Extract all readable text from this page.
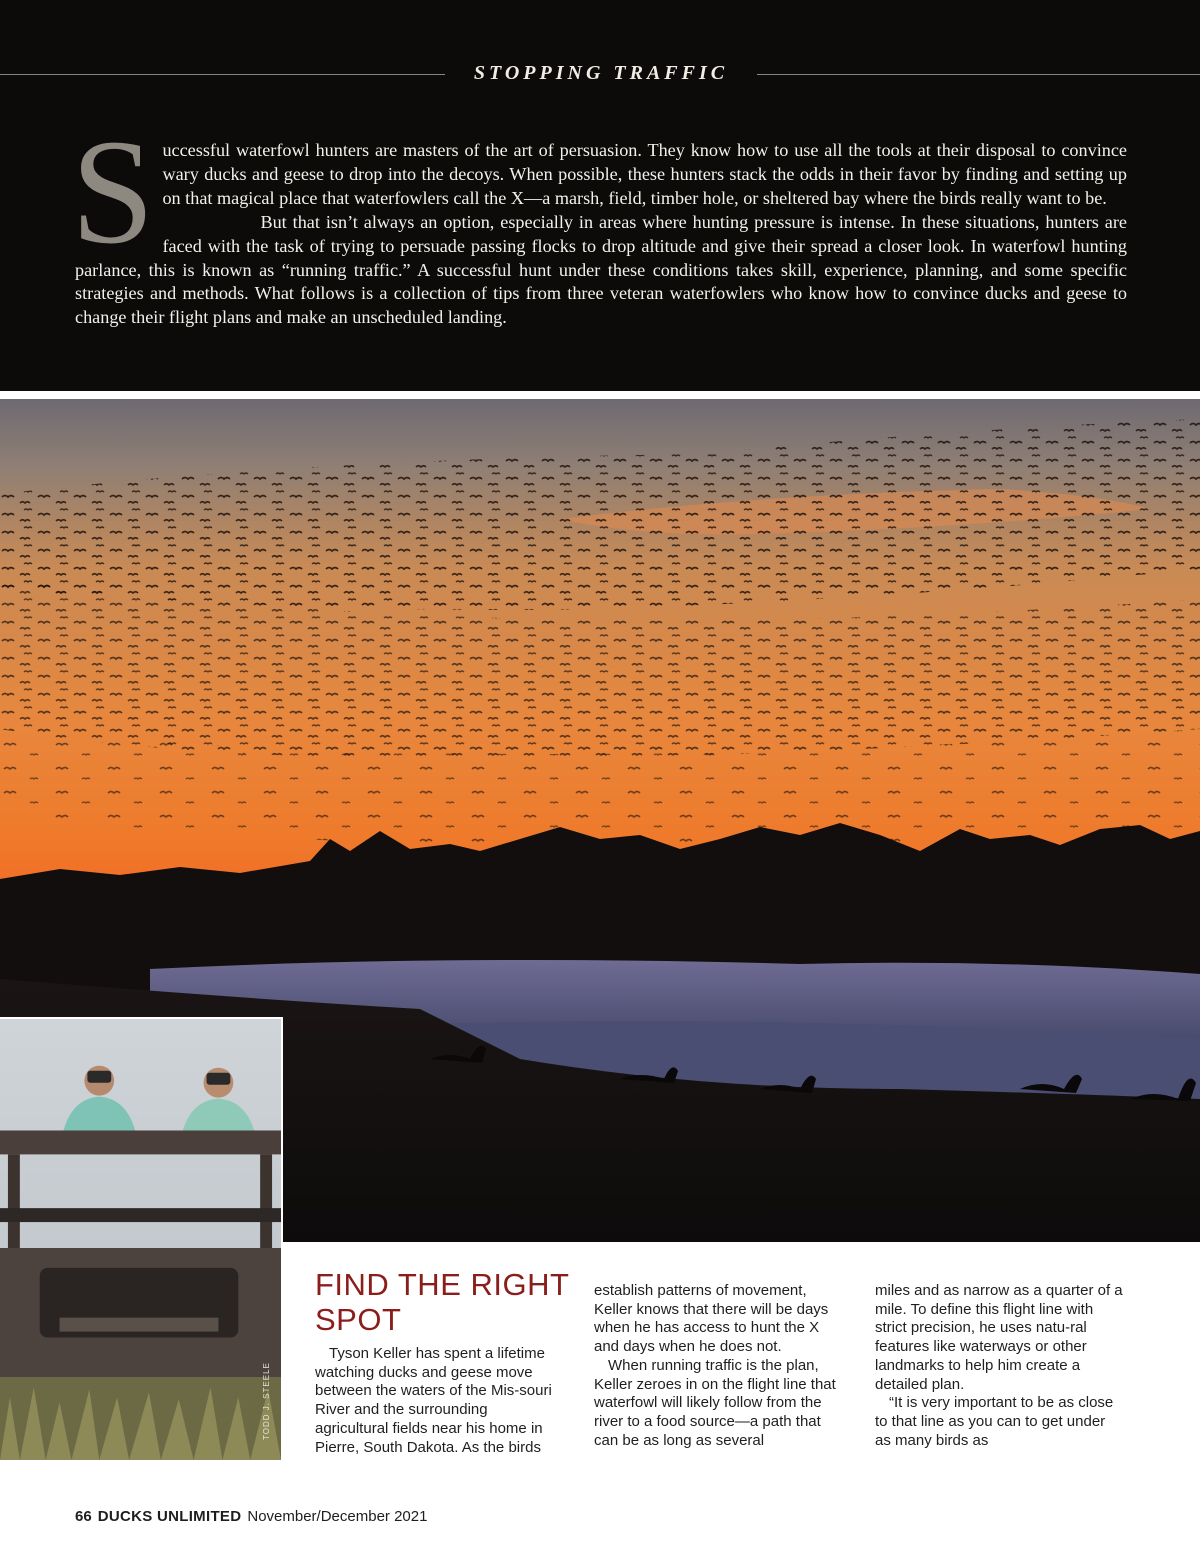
STOPPING TRAFFIC

Successful waterfowl hunters are masters of the art of persuasion. They know how to use all the tools at their disposal to convince wary ducks and geese to drop into the decoys. When possible, these hunters stack the odds in their favor by finding and setting up on that magical place that waterfowlers call the X—a marsh, field, timber hole, or sheltered bay where the birds really want to be.

But that isn’t always an option, especially in areas where hunting pressure is intense. In these situations, hunters are faced with the task of trying to persuade passing flocks to drop altitude and give their spread a closer look. In waterfowl hunting parlance, this is known as “running traffic.” A successful hunt under these conditions takes skill, experience, planning, and some specific strategies and methods. What follows is a collection of tips from three veteran waterfowlers who know how to convince ducks and geese to change their flight plans and make an unscheduled landing.

TODD J. STEELE
FIND THE RIGHT SPOT

Tyson Keller has spent a lifetime watching ducks and geese move between the waters of the Mis-souri River and the surrounding agricultural fields near his home in Pierre, South Dakota. As the birds

establish patterns of movement, Keller knows that there will be days when he has access to hunt the X and days when he does not.

When running traffic is the plan, Keller zeroes in on the flight line that waterfowl will likely follow from the river to a food source—a path that can be as long as several

miles and as narrow as a quarter of a mile. To define this flight line with strict precision, he uses natu-ral features like waterways or other landmarks to help him create a detailed plan.

“It is very important to be as close to that line as you can to get under as many birds as

66 DUCKS UNLIMITED November/December 2021
